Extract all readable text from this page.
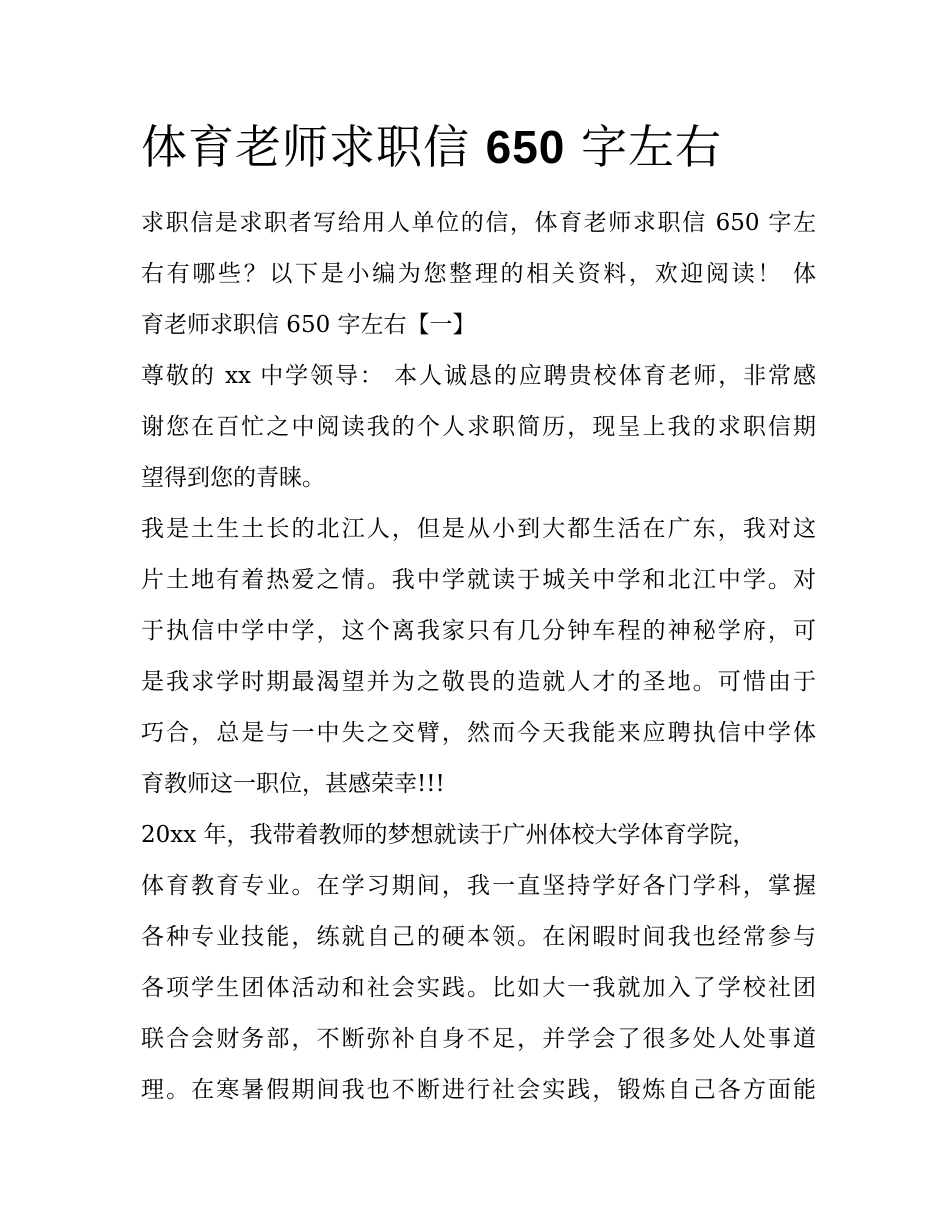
体育老师求职信 650 字左右
求职信是求职者写给用人单位的信，体育老师求职信 650 字左
右有哪些？以下是小编为您整理的相关资料，欢迎阅读！ 体
育老师求职信 650 字左右【一】
尊敬的 xx 中学领导： 本人诚恳的应聘贵校体育老师，非常感
谢您在百忙之中阅读我的个人求职简历，现呈上我的求职信期
望得到您的青睐。
我是土生土长的北江人，但是从小到大都生活在广东，我对这
片土地有着热爱之情。我中学就读于城关中学和北江中学。对
于执信中学中学，这个离我家只有几分钟车程的神秘学府，可
是我求学时期最渴望并为之敬畏的造就人才的圣地。可惜由于
巧合，总是与一中失之交臂，然而今天我能来应聘执信中学体
育教师这一职位，甚感荣幸!!!
20xx 年，我带着教师的梦想就读于广州体校大学体育学院，
体育教育专业。在学习期间，我一直坚持学好各门学科，掌握
各种专业技能，练就自己的硬本领。在闲暇时间我也经常参与
各项学生团体活动和社会实践。比如大一我就加入了学校社团
联合会财务部，不断弥补自身不足，并学会了很多处人处事道
理。在寒暑假期间我也不断进行社会实践，锻炼自己各方面能
